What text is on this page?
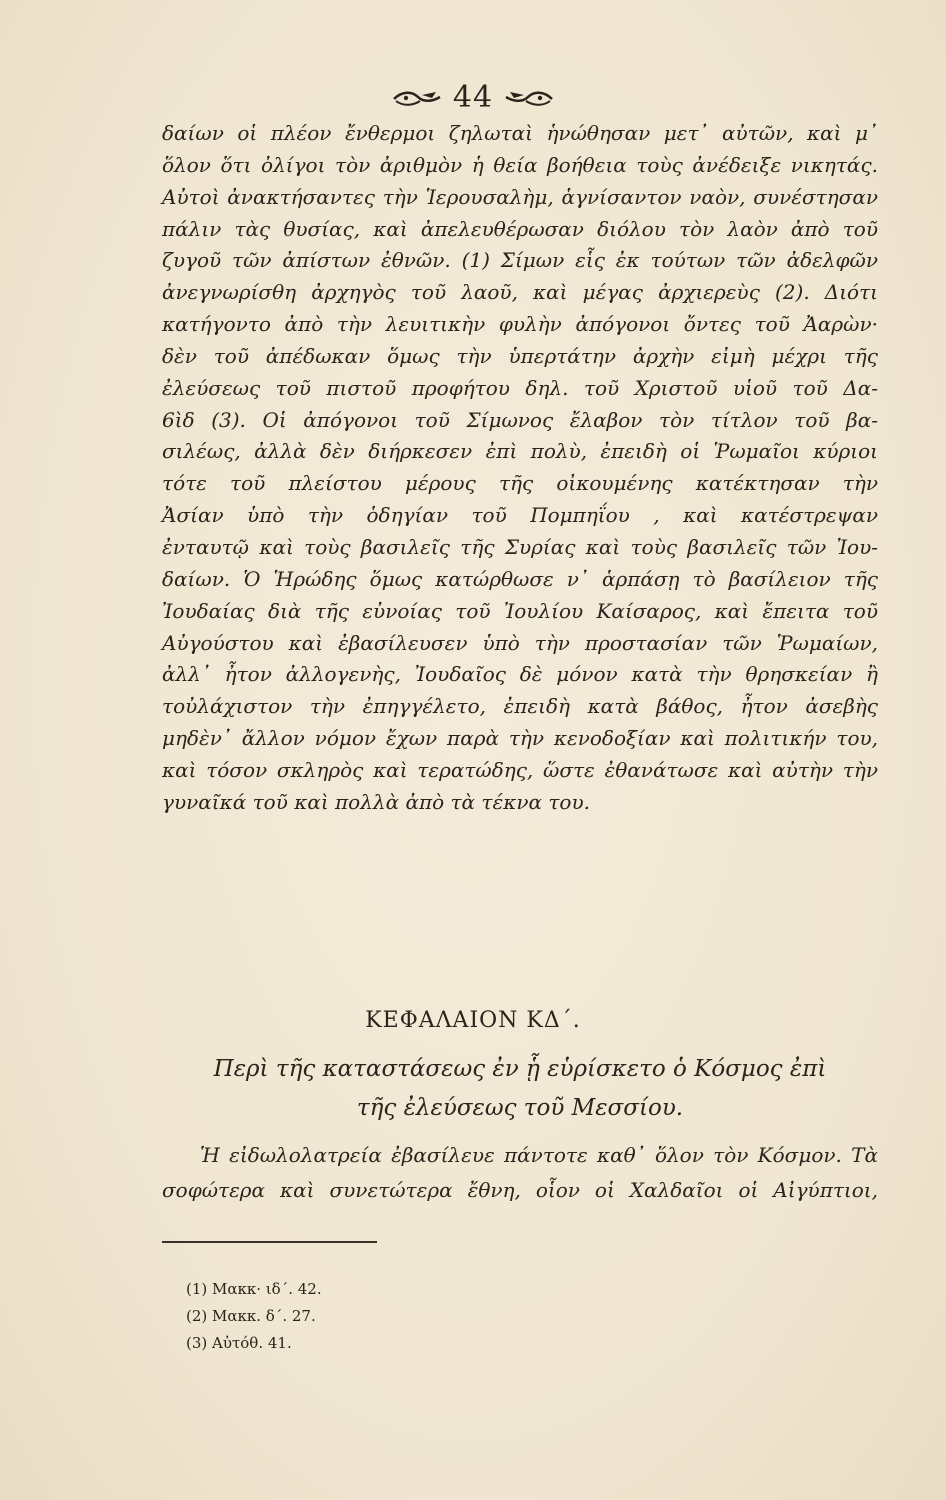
44
δαίων οἱ πλέον ἔνθερμοι ζηλωταὶ ἡνώθησαν μετ᾽ αὐτῶν, καὶ μ᾽
ὅλον ὅτι ὀλίγοι τὸν ἀριθμὸν ἡ θεία βοήθεια τοὺς ἀνέδειξε νικητάς.
Αὐτοὶ ἀνακτήσαντες τὴν Ἱερουσαλὴμ, ἁγνίσαντον ναὸν, συνέστησαν
πάλιν τὰς θυσίας, καὶ ἀπελευθέρωσαν διόλου τὸν λαὸν ἀπὸ τοῦ
ζυγοῦ τῶν ἀπίστων ἐθνῶν. (1) Σίμων εἷς ἐκ τούτων τῶν ἀδελφῶν
ἀνεγνωρίσθη ἀρχηγὸς τοῦ λαοῦ, καὶ μέγας ἀρχιερεὺς (2). Διότι
κατήγοντο ἀπὸ τὴν λευιτικὴν φυλὴν ἀπόγονοι ὄντες τοῦ Ἀαρὼν·
δὲν τοῦ ἀπέδωκαν ὅμως τὴν ὑπερτάτην ἀρχὴν εἰμὴ μέχρι τῆς
ἐλεύσεως τοῦ πιστοῦ προφήτου δηλ. τοῦ Χριστοῦ υἱοῦ τοῦ Δα-
6ὶδ (3). Οἱ ἀπόγονοι τοῦ Σίμωνος ἔλαβον τὸν τίτλον τοῦ βα-
σιλέως, ἀλλὰ δὲν διήρκεσεν ἐπὶ πολὺ, ἐπειδὴ οἱ Ῥωμαῖοι κύριοι
τότε τοῦ πλείστου μέρους τῆς οἰκουμένης κατέκτησαν τὴν
Ἀσίαν ὑπὸ τὴν ὁδηγίαν τοῦ Πομπηΐου , καὶ κατέστρεψαν
ἐνταυτῷ καὶ τοὺς βασιλεῖς τῆς Συρίας καὶ τοὺς βασιλεῖς τῶν Ἰου-
δαίων. Ὁ Ἡρώδης ὅμως κατώρθωσε ν᾽ ἁρπάσῃ τὸ βασίλειον τῆς
Ἰουδαίας διὰ τῆς εὐνοίας τοῦ Ἰουλίου Καίσαρος, καὶ ἔπειτα τοῦ
Αὐγούστου καὶ ἐβασίλευσεν ὑπὸ τὴν προστασίαν τῶν Ῥωμαίων,
ἀλλ᾽ ἦτον ἀλλογενὴς, Ἰουδαῖος δὲ μόνον κατὰ τὴν θρησκείαν ἢ
τοὐλάχιστον τὴν ἐπηγγέλετο, ἐπειδὴ κατὰ βάθος, ἦτον ἀσεβὴς
μηδὲν᾽ ἄλλον νόμον ἔχων παρὰ τὴν κενοδοξίαν καὶ πολιτικήν του,
καὶ τόσον σκληρὸς καὶ τερατώδης, ὥστε ἐθανάτωσε καὶ αὐτὴν τὴν
γυναῖκά τοῦ καὶ πολλὰ ἀπὸ τὰ τέκνα του.
ΚΕΦΑΛΑΙΟΝ ΚΔ΄.
Περὶ τῆς καταστάσεως ἐν ᾗ εὑρίσκετο ὁ Κόσμος ἐπὶ
τῆς ἐλεύσεως τοῦ Μεσσίου.
Ἡ εἰδωλολατρεία ἐβασίλευε πάντοτε καθ᾽ ὅλον τὸν Κόσμον. Τὰ
σοφώτερα καὶ συνετώτερα ἔθνη, οἷον οἱ Χαλδαῖοι οἱ Αἰγύπτιοι,
(1) Μακκ· ιδ΄. 42.
(2) Μακκ. δ΄. 27.
(3) Αὐτόθ. 41.
